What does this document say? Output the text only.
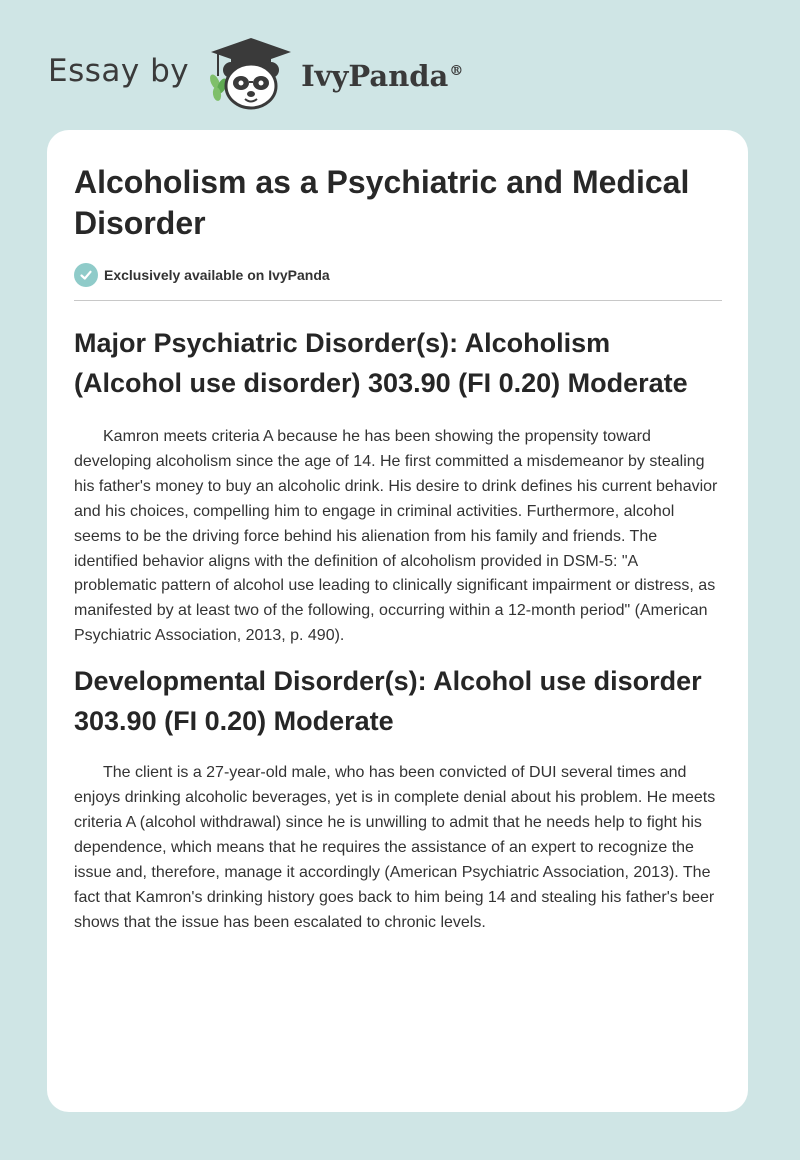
Essay by	IvyPanda®
Alcoholism as a Psychiatric and Medical Disorder
Exclusively available on IvyPanda
Major Psychiatric Disorder(s): Alcoholism (Alcohol use disorder) 303.90 (FI 0.20) Moderate

Kamron meets criteria A because he has been showing the propensity toward developing alcoholism since the age of 14. He first committed a misdemeanor by stealing his father's money to buy an alcoholic drink. His desire to drink defines his current behavior and his choices, compelling him to engage in criminal activities. Furthermore, alcohol seems to be the driving force behind his alienation from his family and friends. The identified behavior aligns with the definition of alcoholism provided in DSM-5: "A problematic pattern of alcohol use leading to clinically significant impairment or distress, as manifested by at least two of the following, occurring within a 12-month period" (American Psychiatric Association, 2013, p. 490).

Developmental Disorder(s): Alcohol use disorder 303.90 (FI 0.20) Moderate

The client is a 27-year-old male, who has been convicted of DUI several times and enjoys drinking alcoholic beverages, yet is in complete denial about his problem. He meets criteria A (alcohol withdrawal) since he is unwilling to admit that he needs help to fight his dependence, which means that he requires the assistance of an expert to recognize the issue and, therefore, manage it accordingly (American Psychiatric Association, 2013). The fact that Kamron's drinking history goes back to him being 14 and stealing his father's beer shows that the issue has been escalated to chronic levels.
